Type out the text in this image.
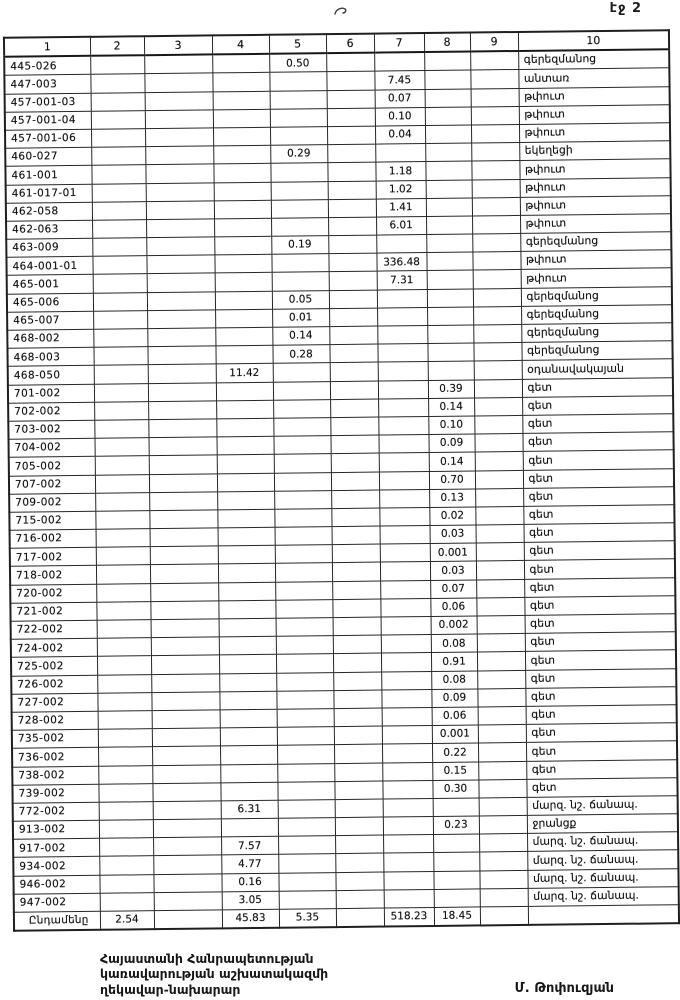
էջ 2
1	2	3	4	5	6	7	8	9	10
445-026				0.50					գերեզմանոց
447-003						7.45			անտառ
457-001-03						0.07			թփուտ
457-001-04						0.10			թփուտ
457-001-06						0.04			թփուտ
460-027				0.29					եկեղեցի
461-001						1.18			թփուտ
461-017-01						1.02			թփուտ
462-058						1.41			թփուտ
462-063						6.01			թփուտ
463-009				0.19					գերեզմանոց
464-001-01						336.48			թփուտ
465-001						7.31			թփուտ
465-006				0.05					գերեզմանոց
465-007				0.01					գերեզմանոց
468-002				0.14					գերեզմանոց
468-003				0.28					գերեզմանոց
468-050			11.42						օդանավակայան
701-002							0.39		գետ
702-002							0.14		գետ
703-002							0.10		գետ
704-002							0.09		գետ
705-002							0.14		գետ
707-002							0.70		գետ
709-002							0.13		գետ
715-002							0.02		գետ
716-002							0.03		գետ
717-002							0.001		գետ
718-002							0.03		գետ
720-002							0.07		գետ
721-002							0.06		գետ
722-002							0.002		գետ
724-002							0.08		գետ
725-002							0.91		գետ
726-002							0.08		գետ
727-002							0.09		գետ
728-002							0.06		գետ
735-002							0.001		գետ
736-002							0.22		գետ
738-002							0.15		գետ
739-002							0.30		գետ
772-002			6.31						մարզ. նշ. ճանապ.
913-002							0.23		ջրանցք
917-002			7.57						մարզ. նշ. ճանապ.
934-002			4.77						մարզ. նշ. ճանապ.
946-002			0.16						մարզ. նշ. ճանապ.
947-002			3.05						մարզ. նշ. ճանապ.
Ընդամենը	2.54		45.83	5.35		518.23	18.45		
Հայաստանի Հանրապետության
կառավարության աշխատակազմի
ղեկավար-նախարար	Մ. Թոփուզյան
